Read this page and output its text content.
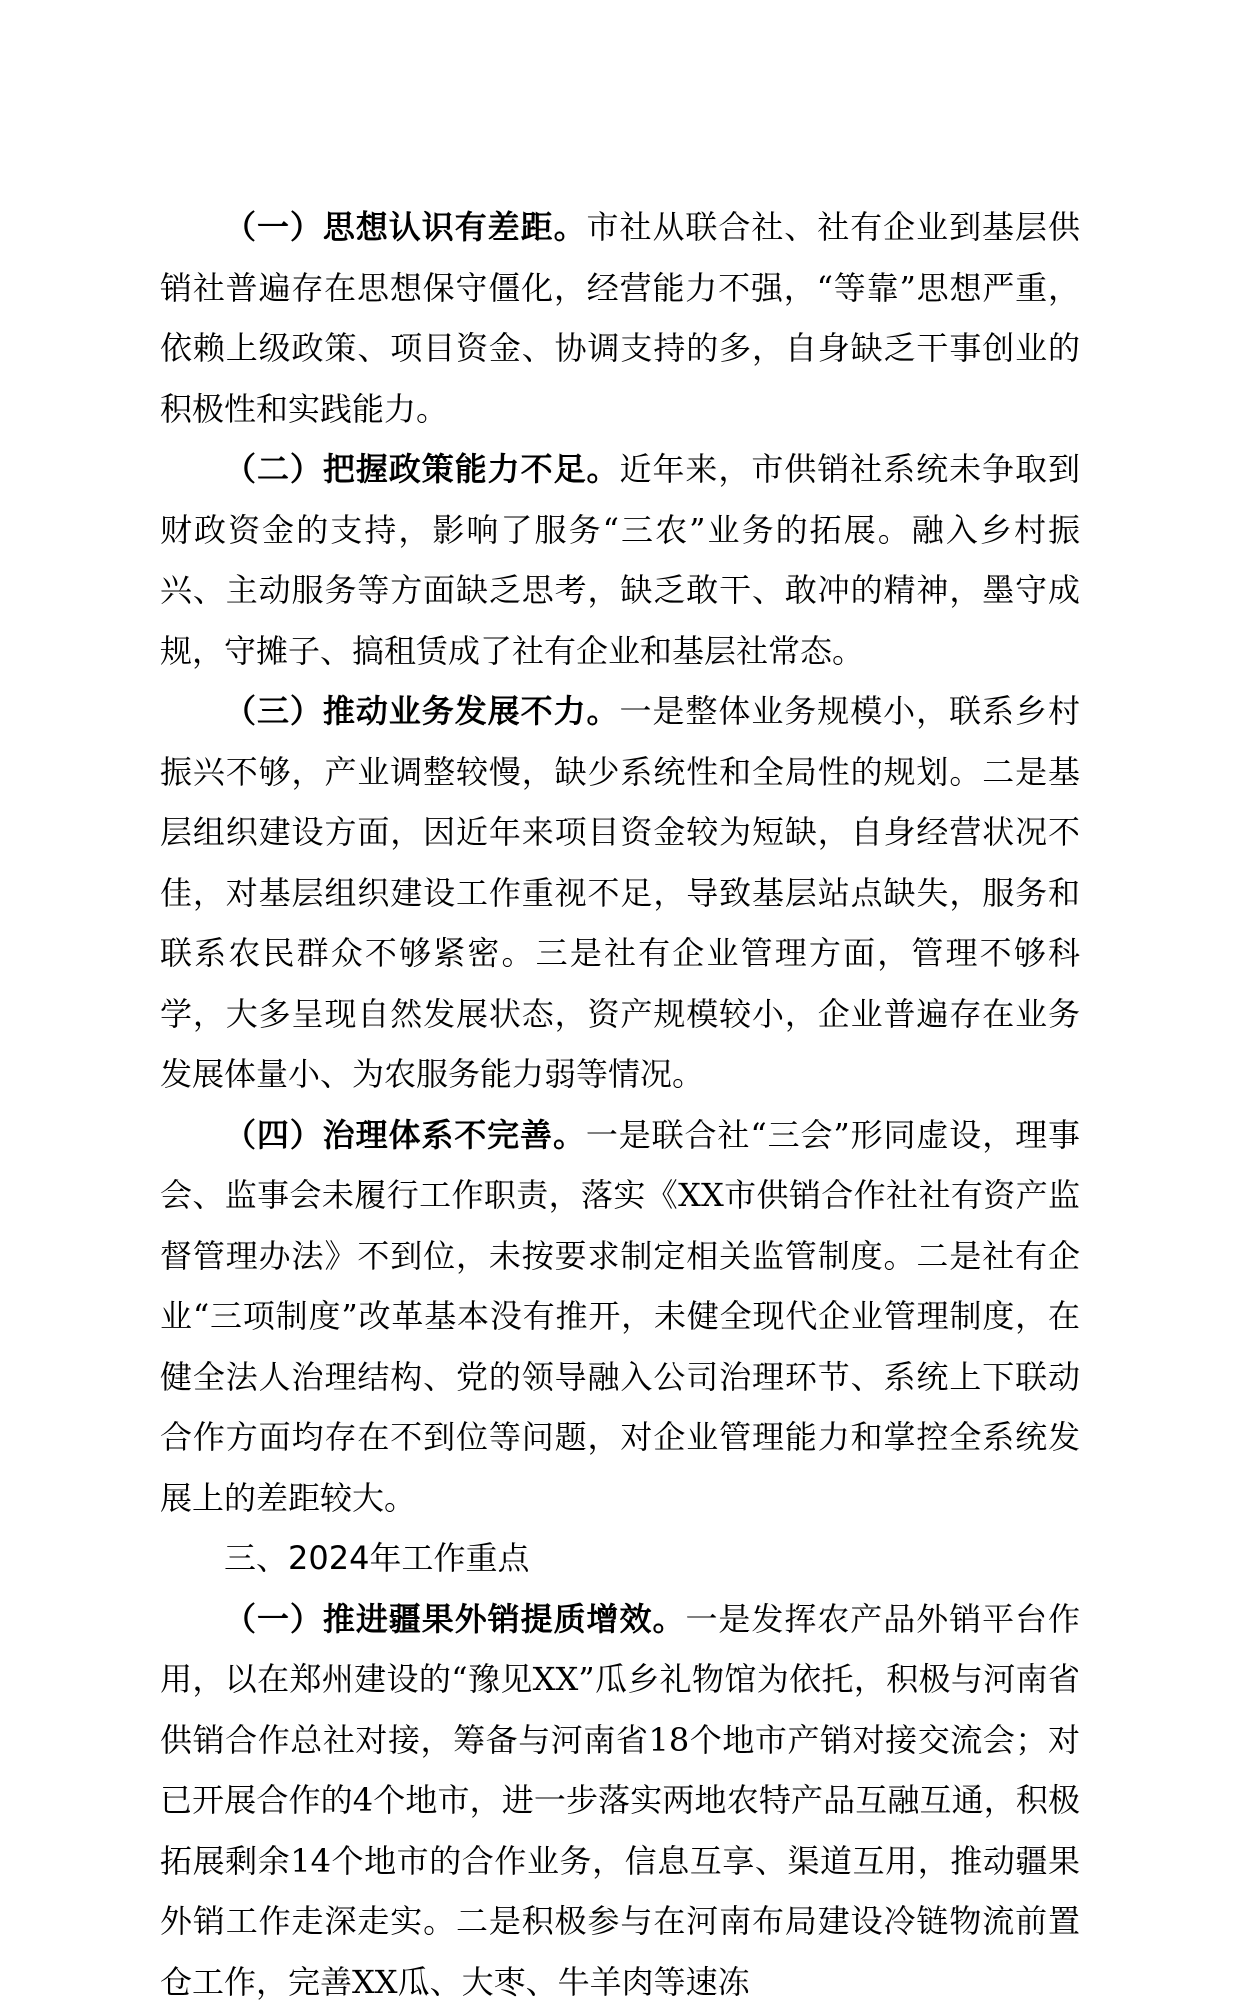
（一）思想认识有差距。市社从联合社、社有企业到基层供销社普遍存在思想保守僵化，经营能力不强，“等靠”思想严重，依赖上级政策、项目资金、协调支持的多，自身缺乏干事创业的积极性和实践能力。

（二）把握政策能力不足。近年来，市供销社系统未争取到财政资金的支持，影响了服务“三农”业务的拓展。融入乡村振兴、主动服务等方面缺乏思考，缺乏敢干、敢冲的精神，墨守成规，守摊子、搞租赁成了社有企业和基层社常态。

（三）推动业务发展不力。一是整体业务规模小，联系乡村振兴不够，产业调整较慢，缺少系统性和全局性的规划。二是基层组织建设方面，因近年来项目资金较为短缺，自身经营状况不佳，对基层组织建设工作重视不足，导致基层站点缺失，服务和联系农民群众不够紧密。三是社有企业管理方面，管理不够科学，大多呈现自然发展状态，资产规模较小，企业普遍存在业务发展体量小、为农服务能力弱等情况。

（四）治理体系不完善。一是联合社“三会”形同虚设，理事会、监事会未履行工作职责，落实《XX市供销合作社社有资产监督管理办法》不到位，未按要求制定相关监管制度。二是社有企业“三项制度”改革基本没有推开，未健全现代企业管理制度，在健全法人治理结构、党的领导融入公司治理环节、系统上下联动合作方面均存在不到位等问题，对企业管理能力和掌控全系统发展上的差距较大。

三、2024年工作重点

（一）推进疆果外销提质增效。一是发挥农产品外销平台作用，以在郑州建设的“豫见XX”瓜乡礼物馆为依托，积极与河南省供销合作总社对接，筹备与河南省18个地市产销对接交流会；对已开展合作的4个地市，进一步落实两地农特产品互融互通，积极拓展剩余14个地市的合作业务，信息互享、渠道互用，推动疆果外销工作走深走实。二是积极参与在河南布局建设冷链物流前置仓工作，完善XX瓜、大枣、牛羊肉等速冻
